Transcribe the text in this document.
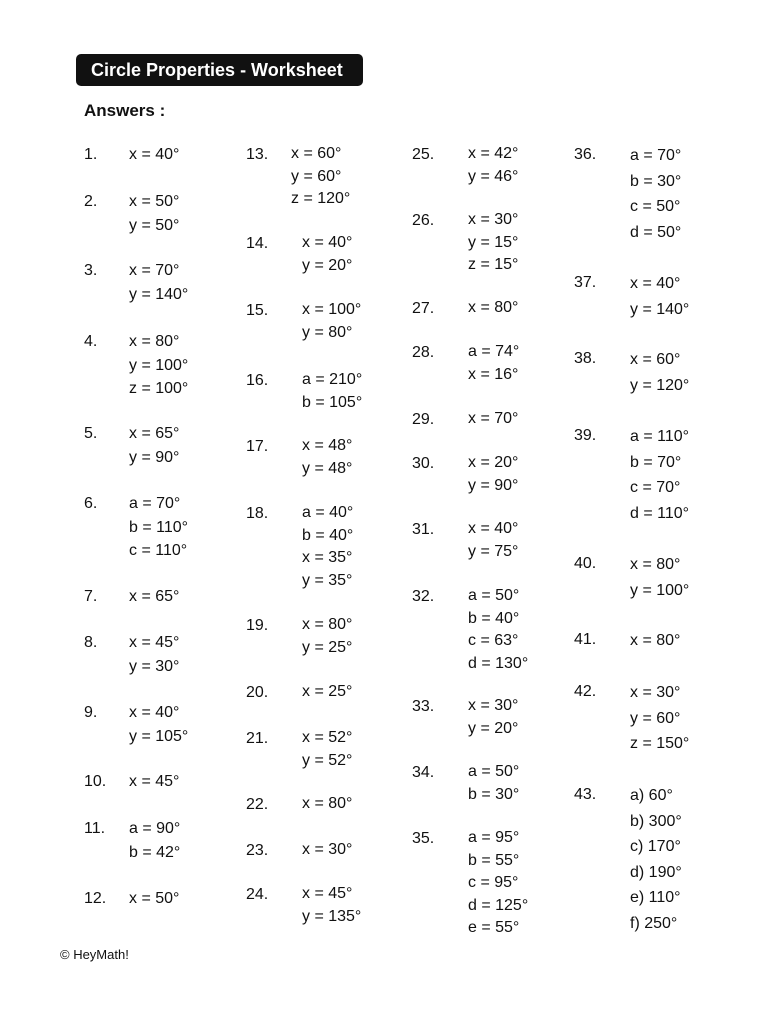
Circle Properties - Worksheet
Answers :
1. x = 40°
2. x = 50°
y = 50°
3. x = 70°
y = 140°
4. x = 80°
y = 100°
z = 100°
5. x = 65°
y = 90°
6. a = 70°
b = 110°
c = 110°
7. x = 65°
8. x = 45°
y = 30°
9. x = 40°
y = 105°
10. x = 45°
11. a = 90°
b = 42°
12. x = 50°
13. x = 60°
y = 60°
z = 120°
14. x = 40°
y = 20°
15. x = 100°
y = 80°
16. a = 210°
b = 105°
17. x = 48°
y = 48°
18. a = 40°
b = 40°
x = 35°
y = 35°
19. x = 80°
y = 25°
20. x = 25°
21. x = 52°
y = 52°
22. x = 80°
23. x = 30°
24. x = 45°
y = 135°
25. x = 42°
y = 46°
26. x = 30°
y = 15°
z = 15°
27. x = 80°
28. a = 74°
x = 16°
29. x = 70°
30. x = 20°
y = 90°
31. x = 40°
y = 75°
32. a = 50°
b = 40°
c = 63°
d = 130°
33. x = 30°
y = 20°
34. a = 50°
b = 30°
35. a = 95°
b = 55°
c = 95°
d = 125°
e = 55°
36. a = 70°
b = 30°
c = 50°
d = 50°
37. x = 40°
y = 140°
38. x = 60°
y = 120°
39. a = 110°
b = 70°
c = 70°
d = 110°
40. x = 80°
y = 100°
41. x = 80°
42. x = 30°
y = 60°
z = 150°
43. a) 60°
b) 300°
c) 170°
d) 190°
e) 110°
f) 250°
© HeyMath!
